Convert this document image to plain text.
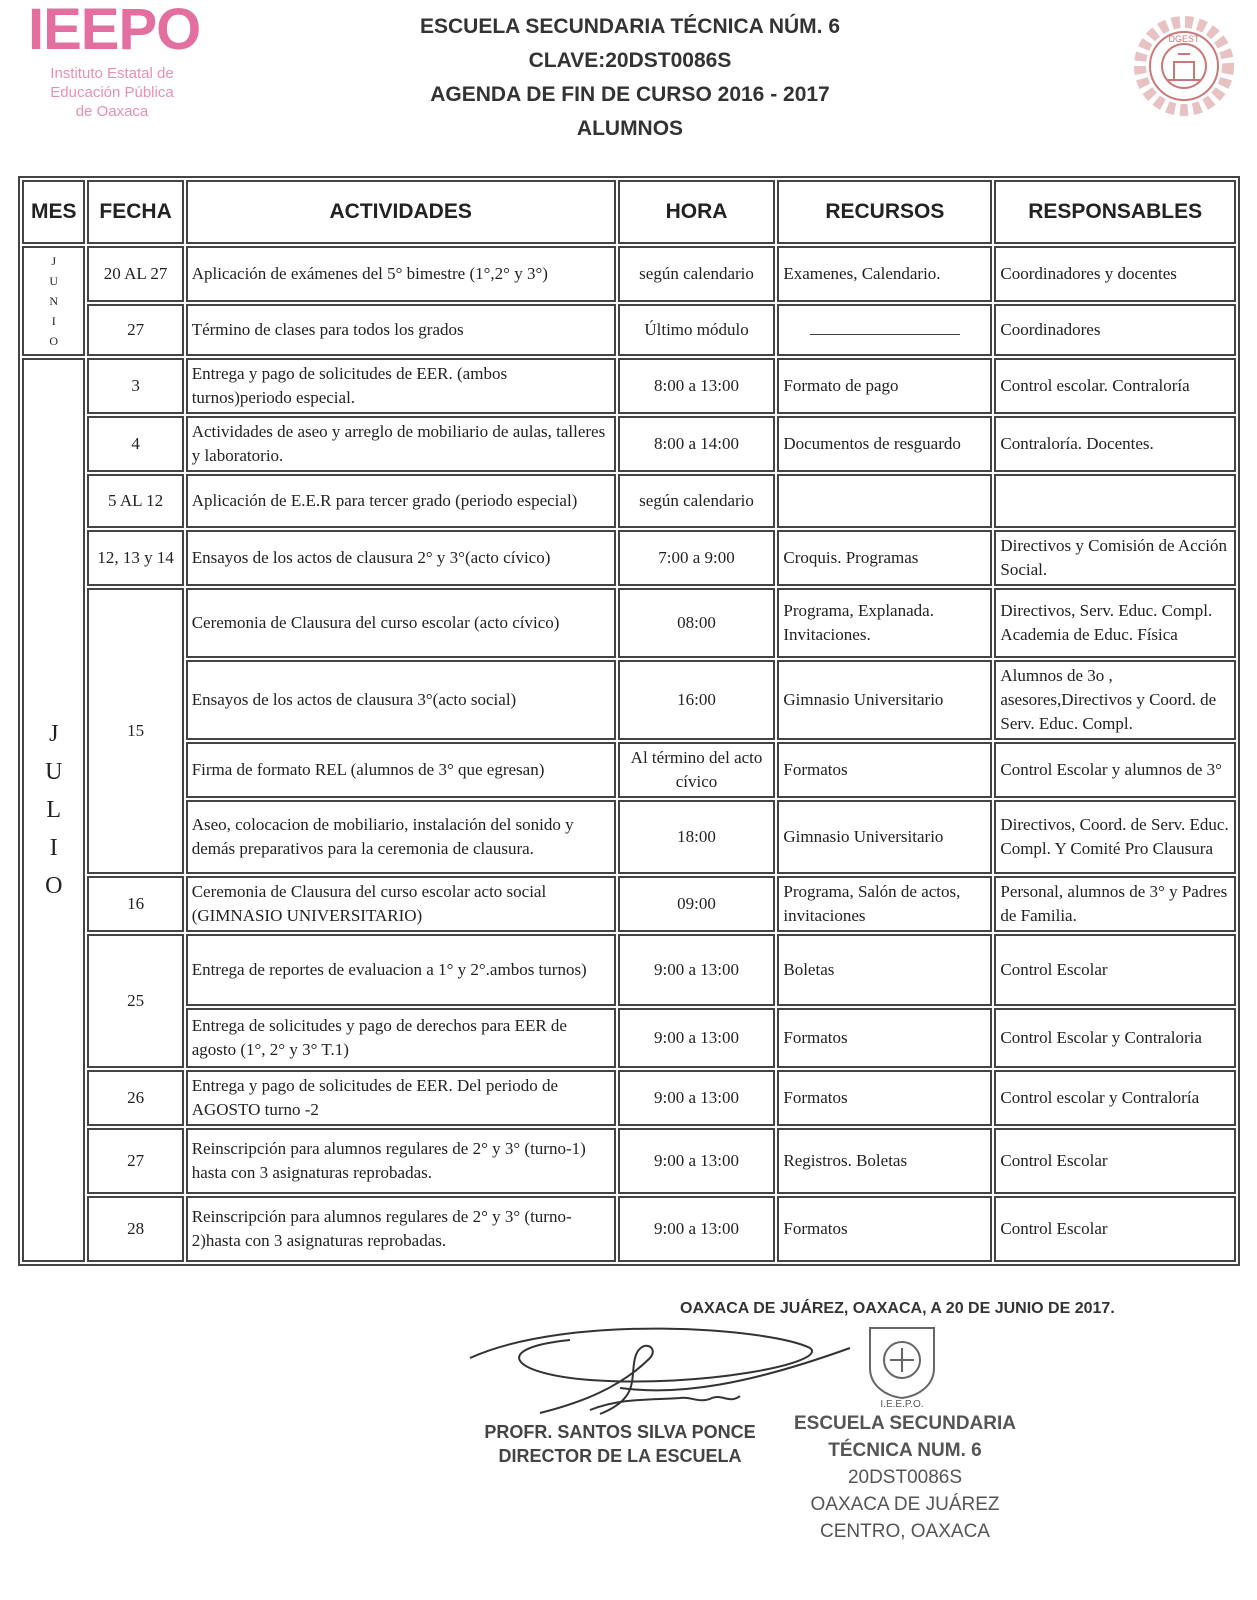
IEEPO
Instituto Estatal de
Educación Pública
de Oaxaca
ESCUELA SECUNDARIA TÉCNICA NÚM. 6
CLAVE:20DST0086S
AGENDA DE FIN DE CURSO 2016 - 2017
ALUMNOS
DGEST
MES	FECHA	ACTIVIDADES	HORA	RECURSOS	RESPONSABLES

J
U
N
I
O	20 AL 27	Aplicación de exámenes del 5° bimestre (1°,2° y 3°)	según calendario	Examenes, Calendario.	Coordinadores y docentes
	27	Término de clases para todos los grados	Último módulo		Coordinadores

J
U
L
I
O	3	Entrega y pago de solicitudes de EER. (ambos turnos)periodo especial.	8:00 a 13:00	Formato de pago	Control escolar. Contraloría
	4	Actividades de aseo y arreglo de mobiliario de aulas, talleres y laboratorio.	8:00 a 14:00	Documentos de resguardo	Contraloría. Docentes.
	5 AL 12	Aplicación de E.E.R para tercer grado (periodo especial)	según calendario		
	12, 13 y 14	Ensayos de los actos de clausura 2° y 3°(acto cívico)	7:00 a 9:00	Croquis. Programas	Directivos y Comisión de Acción Social.
	15	Ceremonia de Clausura del curso escolar (acto cívico)	08:00	Programa, Explanada. Invitaciones.	Directivos, Serv. Educ. Compl. Academia de Educ. Física
		Ensayos de los actos de clausura 3°(acto social)	16:00	Gimnasio Universitario	Alumnos de 3o , asesores,Directivos y Coord. de Serv. Educ. Compl.
		Firma de formato REL (alumnos de 3° que egresan)	Al término del acto cívico	Formatos	Control Escolar y alumnos de 3°
		Aseo, colocacion de mobiliario, instalación del sonido y demás preparativos para la ceremonia de clausura.	18:00	Gimnasio Universitario	Directivos, Coord. de Serv. Educ. Compl. Y Comité Pro Clausura
	16	Ceremonia de Clausura del curso escolar acto social (GIMNASIO UNIVERSITARIO)	09:00	Programa, Salón de actos, invitaciones	Personal, alumnos de 3° y Padres de Familia.
	25	Entrega de reportes de evaluacion a 1° y 2°.ambos turnos)	9:00 a 13:00	Boletas	Control Escolar
		Entrega de solicitudes y pago de derechos para EER de agosto (1°, 2° y 3° T.1)	9:00 a 13:00	Formatos	Control Escolar y Contraloria
	26	Entrega y pago de solicitudes de EER. Del periodo de AGOSTO turno -2	9:00 a 13:00	Formatos	Control escolar y Contraloría
	27	Reinscripción para alumnos regulares de 2° y 3° (turno-1) hasta con 3 asignaturas reprobadas.	9:00 a 13:00	Registros. Boletas	Control Escolar
	28	Reinscripción para alumnos regulares de 2° y 3° (turno-2)hasta con 3 asignaturas reprobadas.	9:00 a 13:00	Formatos	Control Escolar
OAXACA DE JUÁREZ, OAXACA, A 20 DE JUNIO DE 2017.
PROFR. SANTOS SILVA PONCE
DIRECTOR DE LA ESCUELA
I.E.E.P.O.
ESCUELA SECUNDARIA
TÉCNICA NUM. 6
20DST0086S
OAXACA DE JUÁREZ
CENTRO, OAXACA
